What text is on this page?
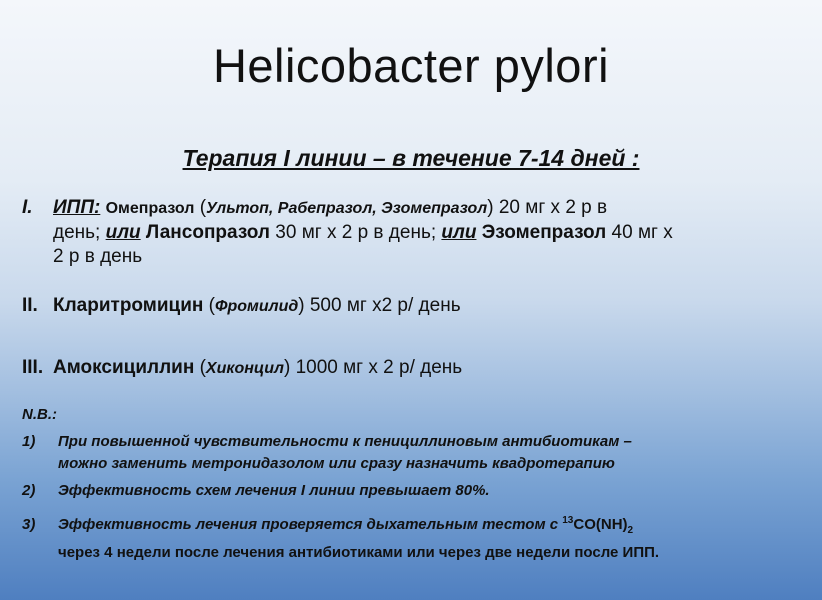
Helicobacter pylori
Терапия I линии – в течение 7-14 дней :
I. ИПП: Омепразол (Ультоп, Рабепразол, Эзомепразол) 20 мг х 2 р в
день; или Лансопразол 30 мг х 2 р в день; или Эзомепразол 40 мг х
2 р в день
II. Кларитромицин (Фромилид) 500 мг х2 р/ день
III. Амоксициллин (Хиконцил) 1000 мг х 2 р/ день
N.B.:
1) При повышенной чувствительности к пенициллиновым антибиотикам –
можно заменить метронидазолом или сразу назначить квадротерапию
2) Эффективность схем лечения I линии превышает 80%.
3) Эффективность лечения проверяется дыхательным тестом с $^{13}CO(NH)_2$
через 4 недели после лечения антибиотиками или через две недели после ИПП.
